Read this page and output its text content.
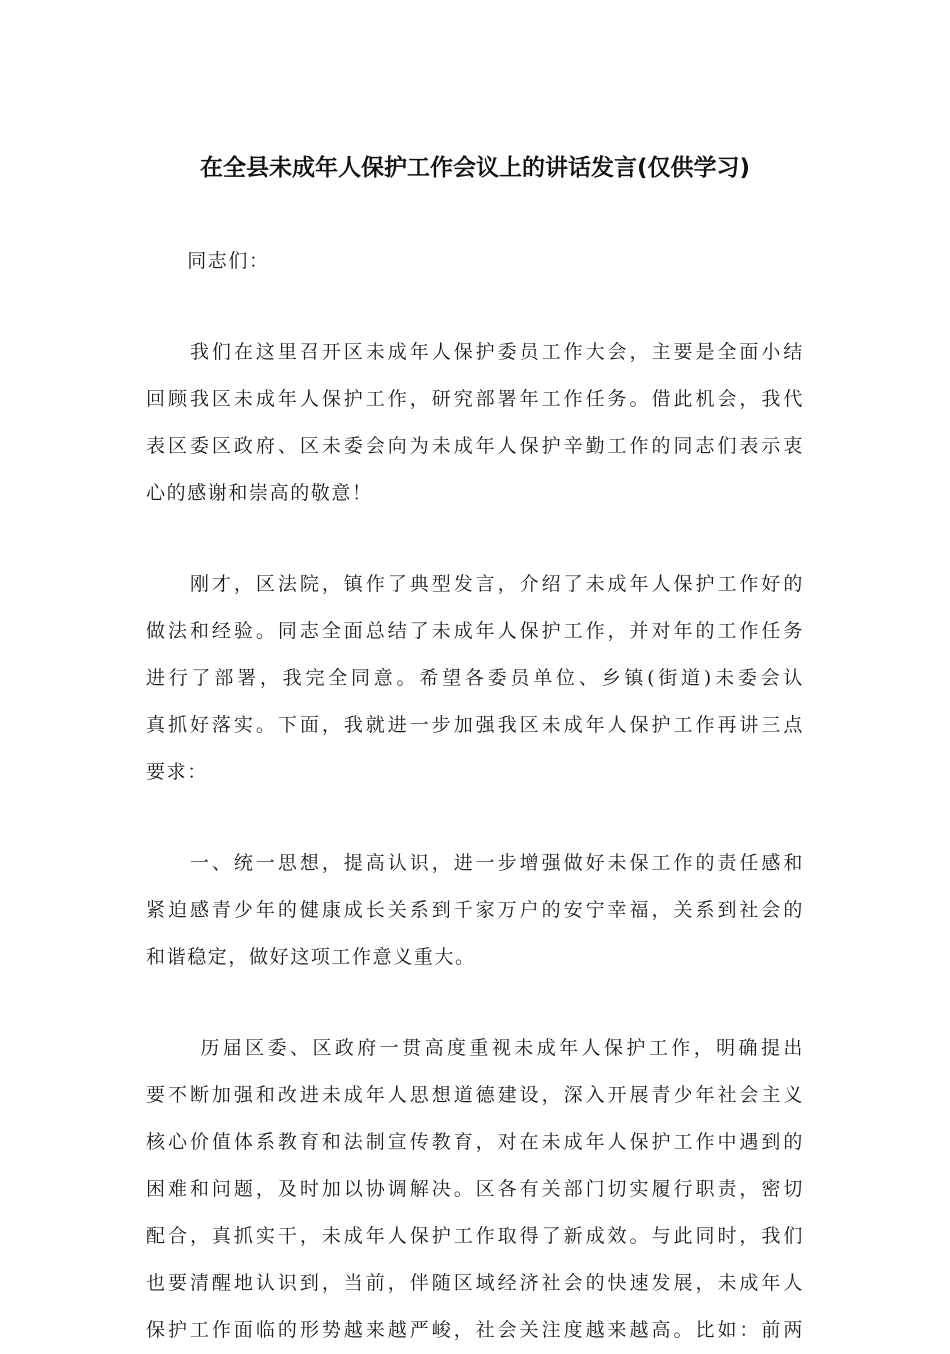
在全县未成年人保护工作会议上的讲话发言(仅供学习)
　　同志们：
　　我们在这里召开区未成年人保护委员工作大会，主要是全面小结
回顾我区未成年人保护工作，研究部署年工作任务。借此机会，我代
表区委区政府、区未委会向为未成年人保护辛勤工作的同志们表示衷
心的感谢和崇高的敬意！
　　刚才，区法院，镇作了典型发言，介绍了未成年人保护工作好的
做法和经验。同志全面总结了未成年人保护工作，并对年的工作任务
进行了部署，我完全同意。希望各委员单位、乡镇(街道)未委会认
真抓好落实。下面，我就进一步加强我区未成年人保护工作再讲三点
要求：
　　一、统一思想，提高认识，进一步增强做好未保工作的责任感和
紧迫感青少年的健康成长关系到千家万户的安宁幸福，关系到社会的
和谐稳定，做好这项工作意义重大。
　　 历届区委、区政府一贯高度重视未成年人保护工作，明确提出
要不断加强和改进未成年人思想道德建设，深入开展青少年社会主义
核心价值体系教育和法制宣传教育，对在未成年人保护工作中遇到的
困难和问题，及时加以协调解决。区各有关部门切实履行职责，密切
配合，真抓实干，未成年人保护工作取得了新成效。与此同时，我们
也要清醒地认识到，当前，伴随区域经济社会的快速发展，未成年人
保护工作面临的形势越来越严峻，社会关注度越来越高。比如：前两
